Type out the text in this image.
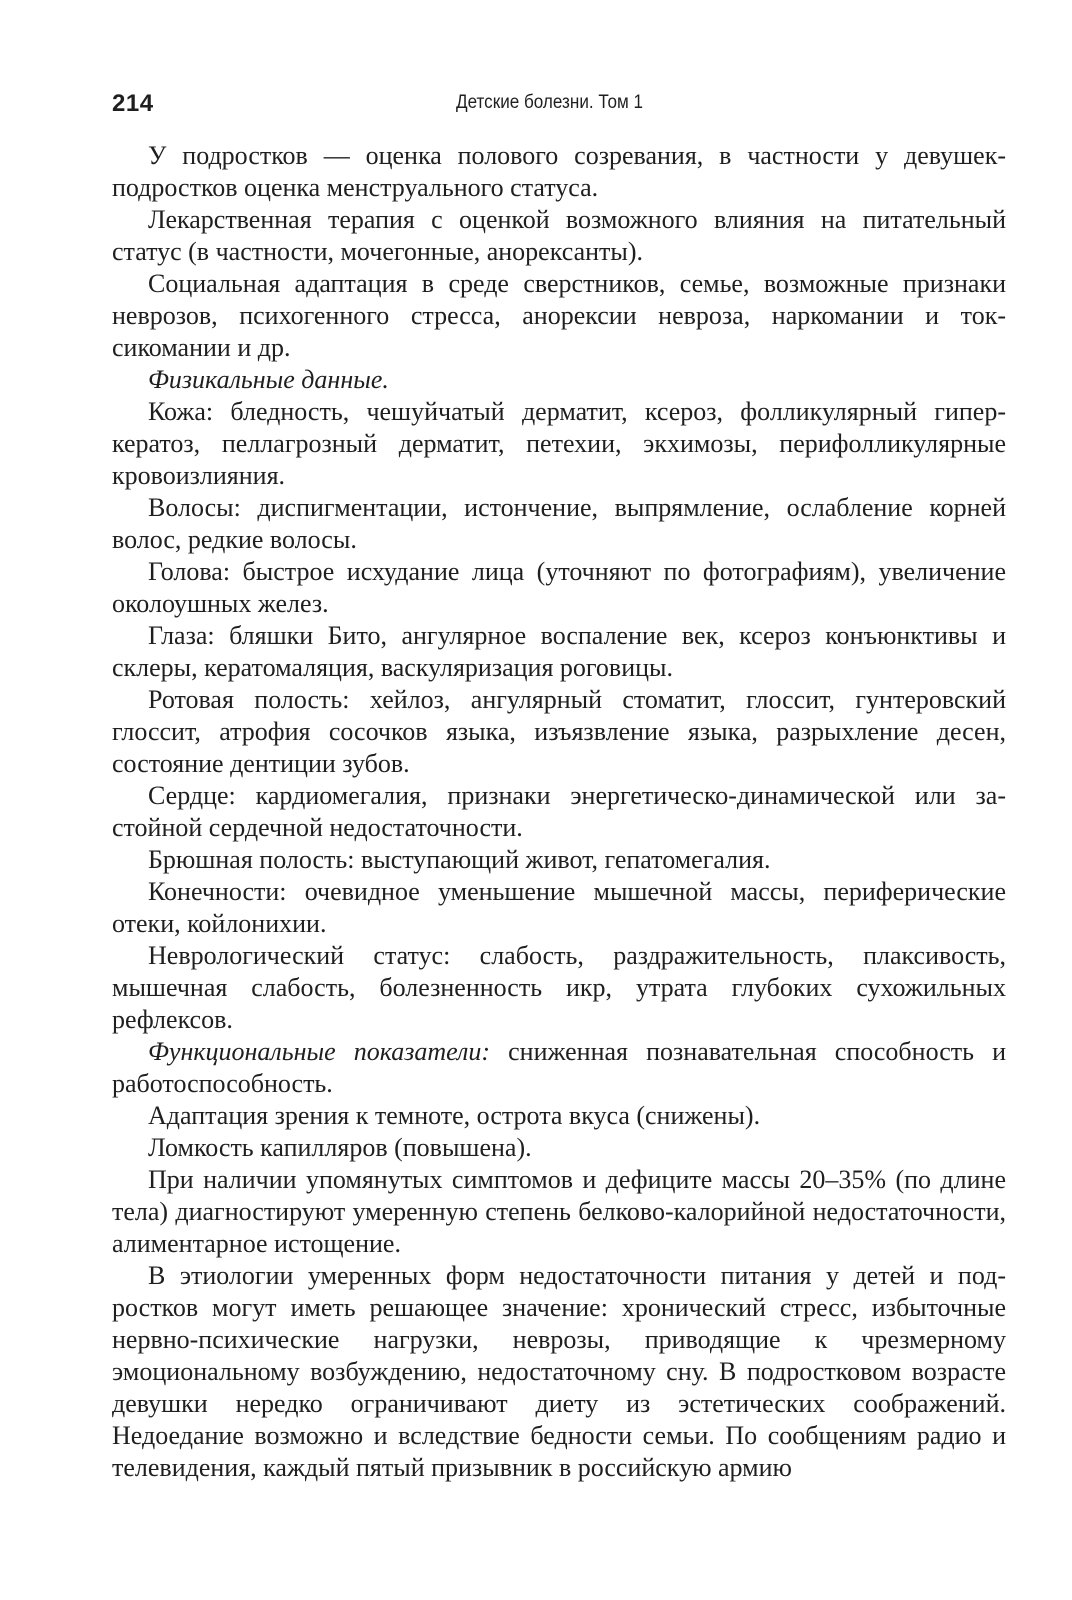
214	Детские болезни. Том 1

У подростков — оценка полового созревания, в частности у девушек-подростков оценка менструального статуса.

Лекарственная терапия с оценкой возможного влияния на питательный статус (в частности, мочегонные, анорексанты).

Социальная адаптация в среде сверстников, семье, возможные признаки неврозов, психогенного стресса, анорексии невроза, наркомании и токсикомании и др.

Физикальные данные.

Кожа: бледность, чешуйчатый дерматит, ксероз, фолликулярный гиперкератоз, пеллагрозный дерматит, петехии, экхимозы, перифолликулярные кровоизлияния.

Волосы: диспигментации, истончение, выпрямление, ослабление корней волос, редкие волосы.

Голова: быстрое исхудание лица (уточняют по фотографиям), увеличение околоушных желез.

Глаза: бляшки Бито, ангулярное воспаление век, ксероз конъюнктивы и склеры, кератомаляция, васкуляризация роговицы.

Ротовая полость: хейлоз, ангулярный стоматит, глоссит, гунтеровский глоссит, атрофия сосочков языка, изъязвление языка, разрыхление десен, состояние дентиции зубов.

Сердце: кардиомегалия, признаки энергетическо-динамической или застойной сердечной недостаточности.

Брюшная полость: выступающий живот, гепатомегалия.

Конечности: очевидное уменьшение мышечной массы, периферические отеки, койлонихии.

Неврологический статус: слабость, раздражительность, плаксивость, мышечная слабость, болезненность икр, утрата глубоких сухожильных рефлексов.

Функциональные показатели: сниженная познавательная способность и работоспособность.

Адаптация зрения к темноте, острота вкуса (снижены).

Ломкость капилляров (повышена).

При наличии упомянутых симптомов и дефиците массы 20–35% (по длине тела) диагностируют умеренную степень белково-калорийной недостаточности, алиментарное истощение.

В этиологии умеренных форм недостаточности питания у детей и подростков могут иметь решающее значение: хронический стресс, избыточные нервно-психические нагрузки, неврозы, приводящие к чрезмерному эмоциональному возбуждению, недостаточному сну. В подростковом возрасте девушки нередко ограничивают диету из эстетических соображений. Недоедание возможно и вследствие бедности семьи. По сообщениям радио и телевидения, каждый пятый призывник в российскую армию
